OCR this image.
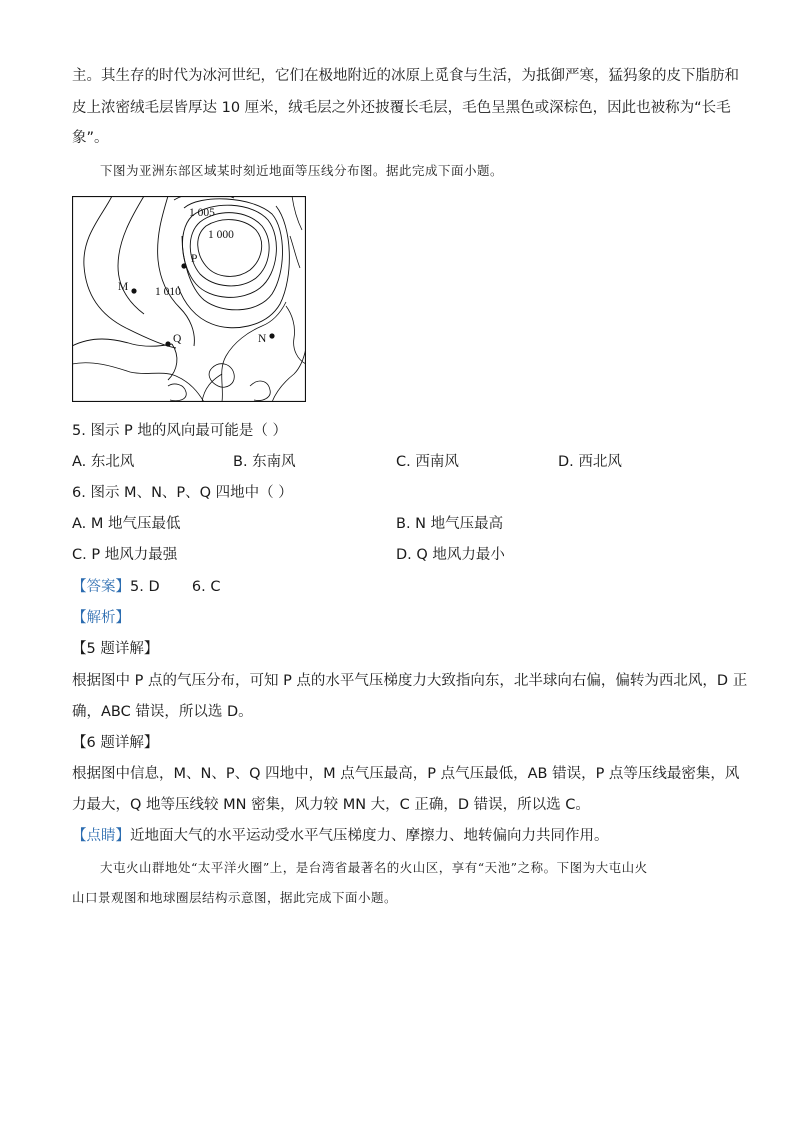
主。其生存的时代为冰河世纪，它们在极地附近的冰原上觅食与生活，为抵御严寒，猛犸象的皮下脂肪和
皮上浓密绒毛层皆厚达 10 厘米，绒毛层之外还披覆长毛层，毛色呈黑色或深棕色，因此也被称为“长毛
象”。
下图为亚洲东部区域某时刻近地面等压线分布图。据此完成下面小题。
1 005
1 000
1 010
P
M
Q	N
5. 图示 P 地的风向最可能是（ ）
A. 东北风	B. 东南风	C. 西南风	D. 西北风
6. 图示 M、N、P、Q 四地中（ ）
A. M 地气压最低	B. N 地气压最高
C. P 地风力最强	D. Q 地风力最小
【答案】5. D       6. C
【解析】
【5 题详解】
根据图中 P 点的气压分布，可知 P 点的水平气压梯度力大致指向东，北半球向右偏，偏转为西北风，D 正
确，ABC 错误，所以选 D。
【6 题详解】
根据图中信息，M、N、P、Q 四地中，M 点气压最高，P 点气压最低，AB 错误，P 点等压线最密集，风
力最大，Q 地等压线较 MN 密集，风力较 MN 大，C 正确，D 错误，所以选 C。
【点睛】近地面大气的水平运动受水平气压梯度力、摩擦力、地转偏向力共同作用。
大屯火山群地处“太平洋火圈”上，是台湾省最著名的火山区，享有“天池”之称。下图为大屯山火
山口景观图和地球圈层结构示意图，据此完成下面小题。
